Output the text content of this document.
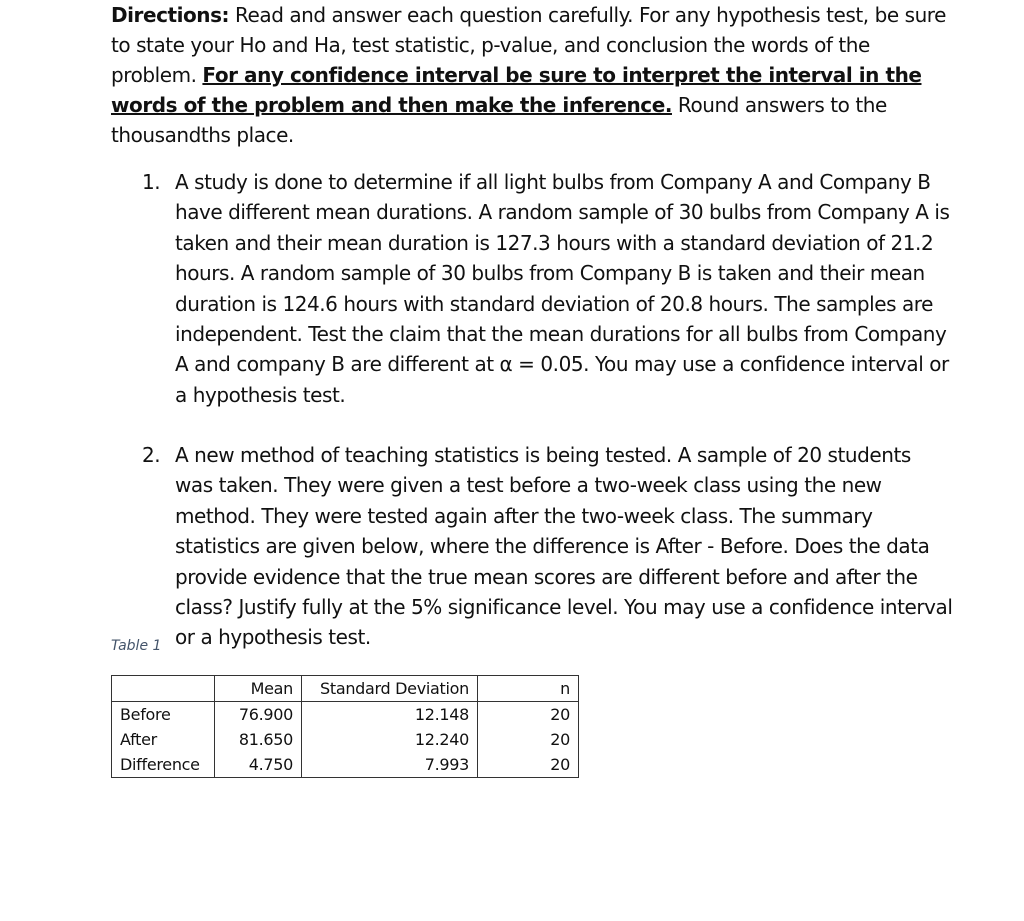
Directions: Read and answer each question carefully. For any hypothesis test, be sure to state your Ho and Ha, test statistic, p-value, and conclusion the words of the problem. For any confidence interval be sure to interpret the interval in the words of the problem and then make the inference. Round answers to the thousandths place.

1. A study is done to determine if all light bulbs from Company A and Company B have different mean durations. A random sample of 30 bulbs from Company A is taken and their mean duration is 127.3 hours with a standard deviation of 21.2 hours. A random sample of 30 bulbs from Company B is taken and their mean duration is 124.6 hours with standard deviation of 20.8 hours. The samples are independent. Test the claim that the mean durations for all bulbs from Company A and company B are different at α = 0.05. You may use a confidence interval or a hypothesis test.
2. A new method of teaching statistics is being tested. A sample of 20 students was taken. They were given a test before a two-week class using the new method. They were tested again after the two-week class. The summary statistics are given below, where the difference is After - Before. Does the data provide evidence that the true mean scores are different before and after the class? Justify fully at the 5% significance level. You may use a confidence interval or a hypothesis test.

Table 1

	Mean	Standard Deviation	n
Before	76.900	12.148	20
After	81.650	12.240	20
Difference	4.750	7.993	20
